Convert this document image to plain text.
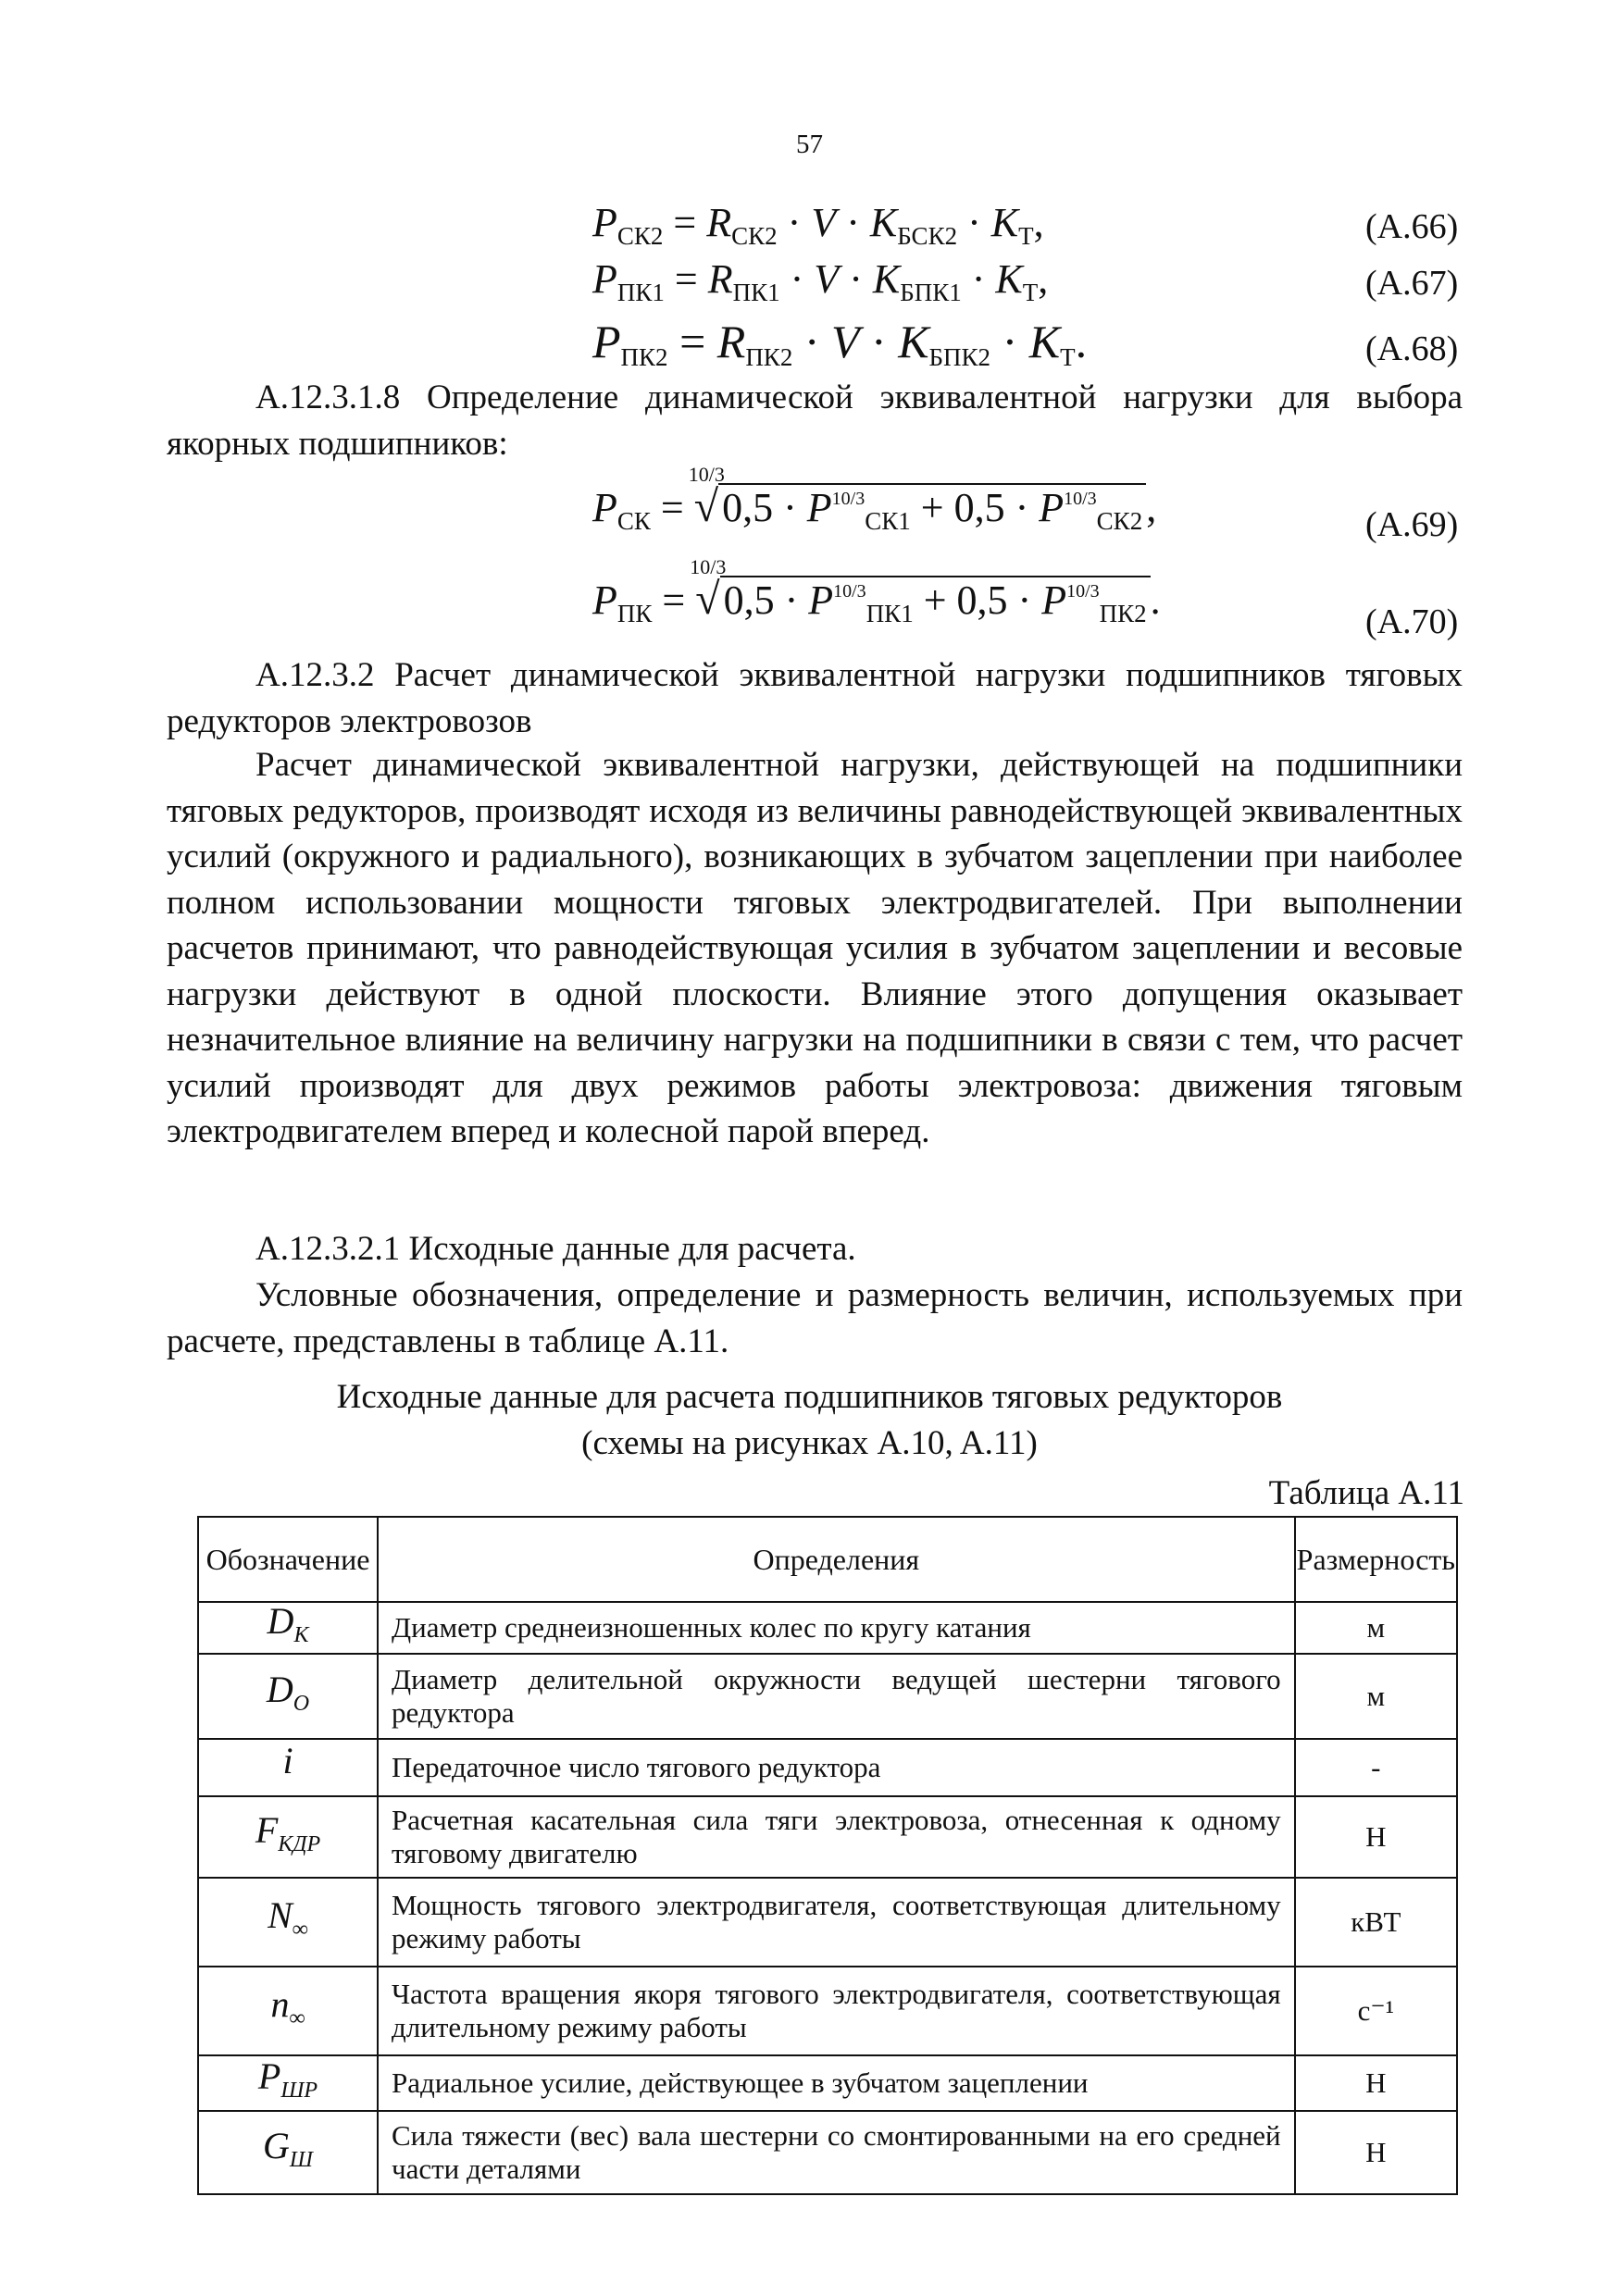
57
$P_{СК2} = R_{СК2} \cdot V \cdot K_{БСК2} \cdot K_Т$,	(A.66)
$P_{ПК1} = R_{ПК1} \cdot V \cdot K_{БПК1} \cdot K_Т$,	(A.67)
$P_{ПК2} = R_{ПК2} \cdot V \cdot K_{БПК2} \cdot K_Т$.	(A.68)
A.12.3.1.8 Определение динамической эквивалентной нагрузки для выбора якорных подшипников:
$P_{СК}$ =
10/3
$√0,5 \cdot P^{10/3}_{СК1} + 0,5 \cdot P^{10/3}_{СК2}$,	(A.69)
$P_{ПК}$ =
10/3
$√0,5 \cdot P^{10/3}_{ПК1} + 0,5 \cdot P^{10/3}_{ПК2}$.	(A.70)
A.12.3.2 Расчет динамической эквивалентной нагрузки подшипников тяговых редукторов электровозов
Расчет динамической эквивалентной нагрузки, действующей на подшипники тяговых редукторов, производят исходя из величины равнодействующей эквивалентных усилий (окружного и радиального), возникающих в зубчатом зацеплении при наиболее полном использовании мощности тяговых электродвигателей. При выполнении расчетов принимают, что равнодействующая усилия в зубчатом зацеплении и весовые нагрузки действуют в одной плоскости. Влияние этого допущения оказывает незначительное влияние на величину нагрузки на подшипники в связи с тем, что расчет усилий производят для двух режимов работы электровоза: движения тяговым электродвигателем вперед и колесной парой вперед.
A.12.3.2.1 Исходные данные для расчета.
Условные обозначения, определение и размерность величин, используемых при расчете, представлены в таблице A.11.
Исходные данные для расчета подшипников тяговых редукторов
(схемы на рисунках A.10, A.11)
Таблица A.11
Обозначение	Определения	Размерность
$D_K$	Диаметр среднеизношенных колес по кругу катания	м
$D_O$	Диаметр делительной окружности ведущей шестерни тягового редуктора	м
i	Передаточное число тягового редуктора	-
$F_{КДР}$	Расчетная касательная сила тяги электровоза, отнесенная к одному тяговому двигателю	Н
$N_\infty$	Мощность тягового электродвигателя, соответствующая длительному режиму работы	кВТ
$n_\infty$	Частота вращения якоря тягового электродвигателя, соответствующая длительному режиму работы	с⁻¹
$P_{ШР}$	Радиальное усилие, действующее в зубчатом зацеплении	Н
$G_Ш$	Сила тяжести (вес) вала шестерни со смонтированными на его средней части деталями	Н
